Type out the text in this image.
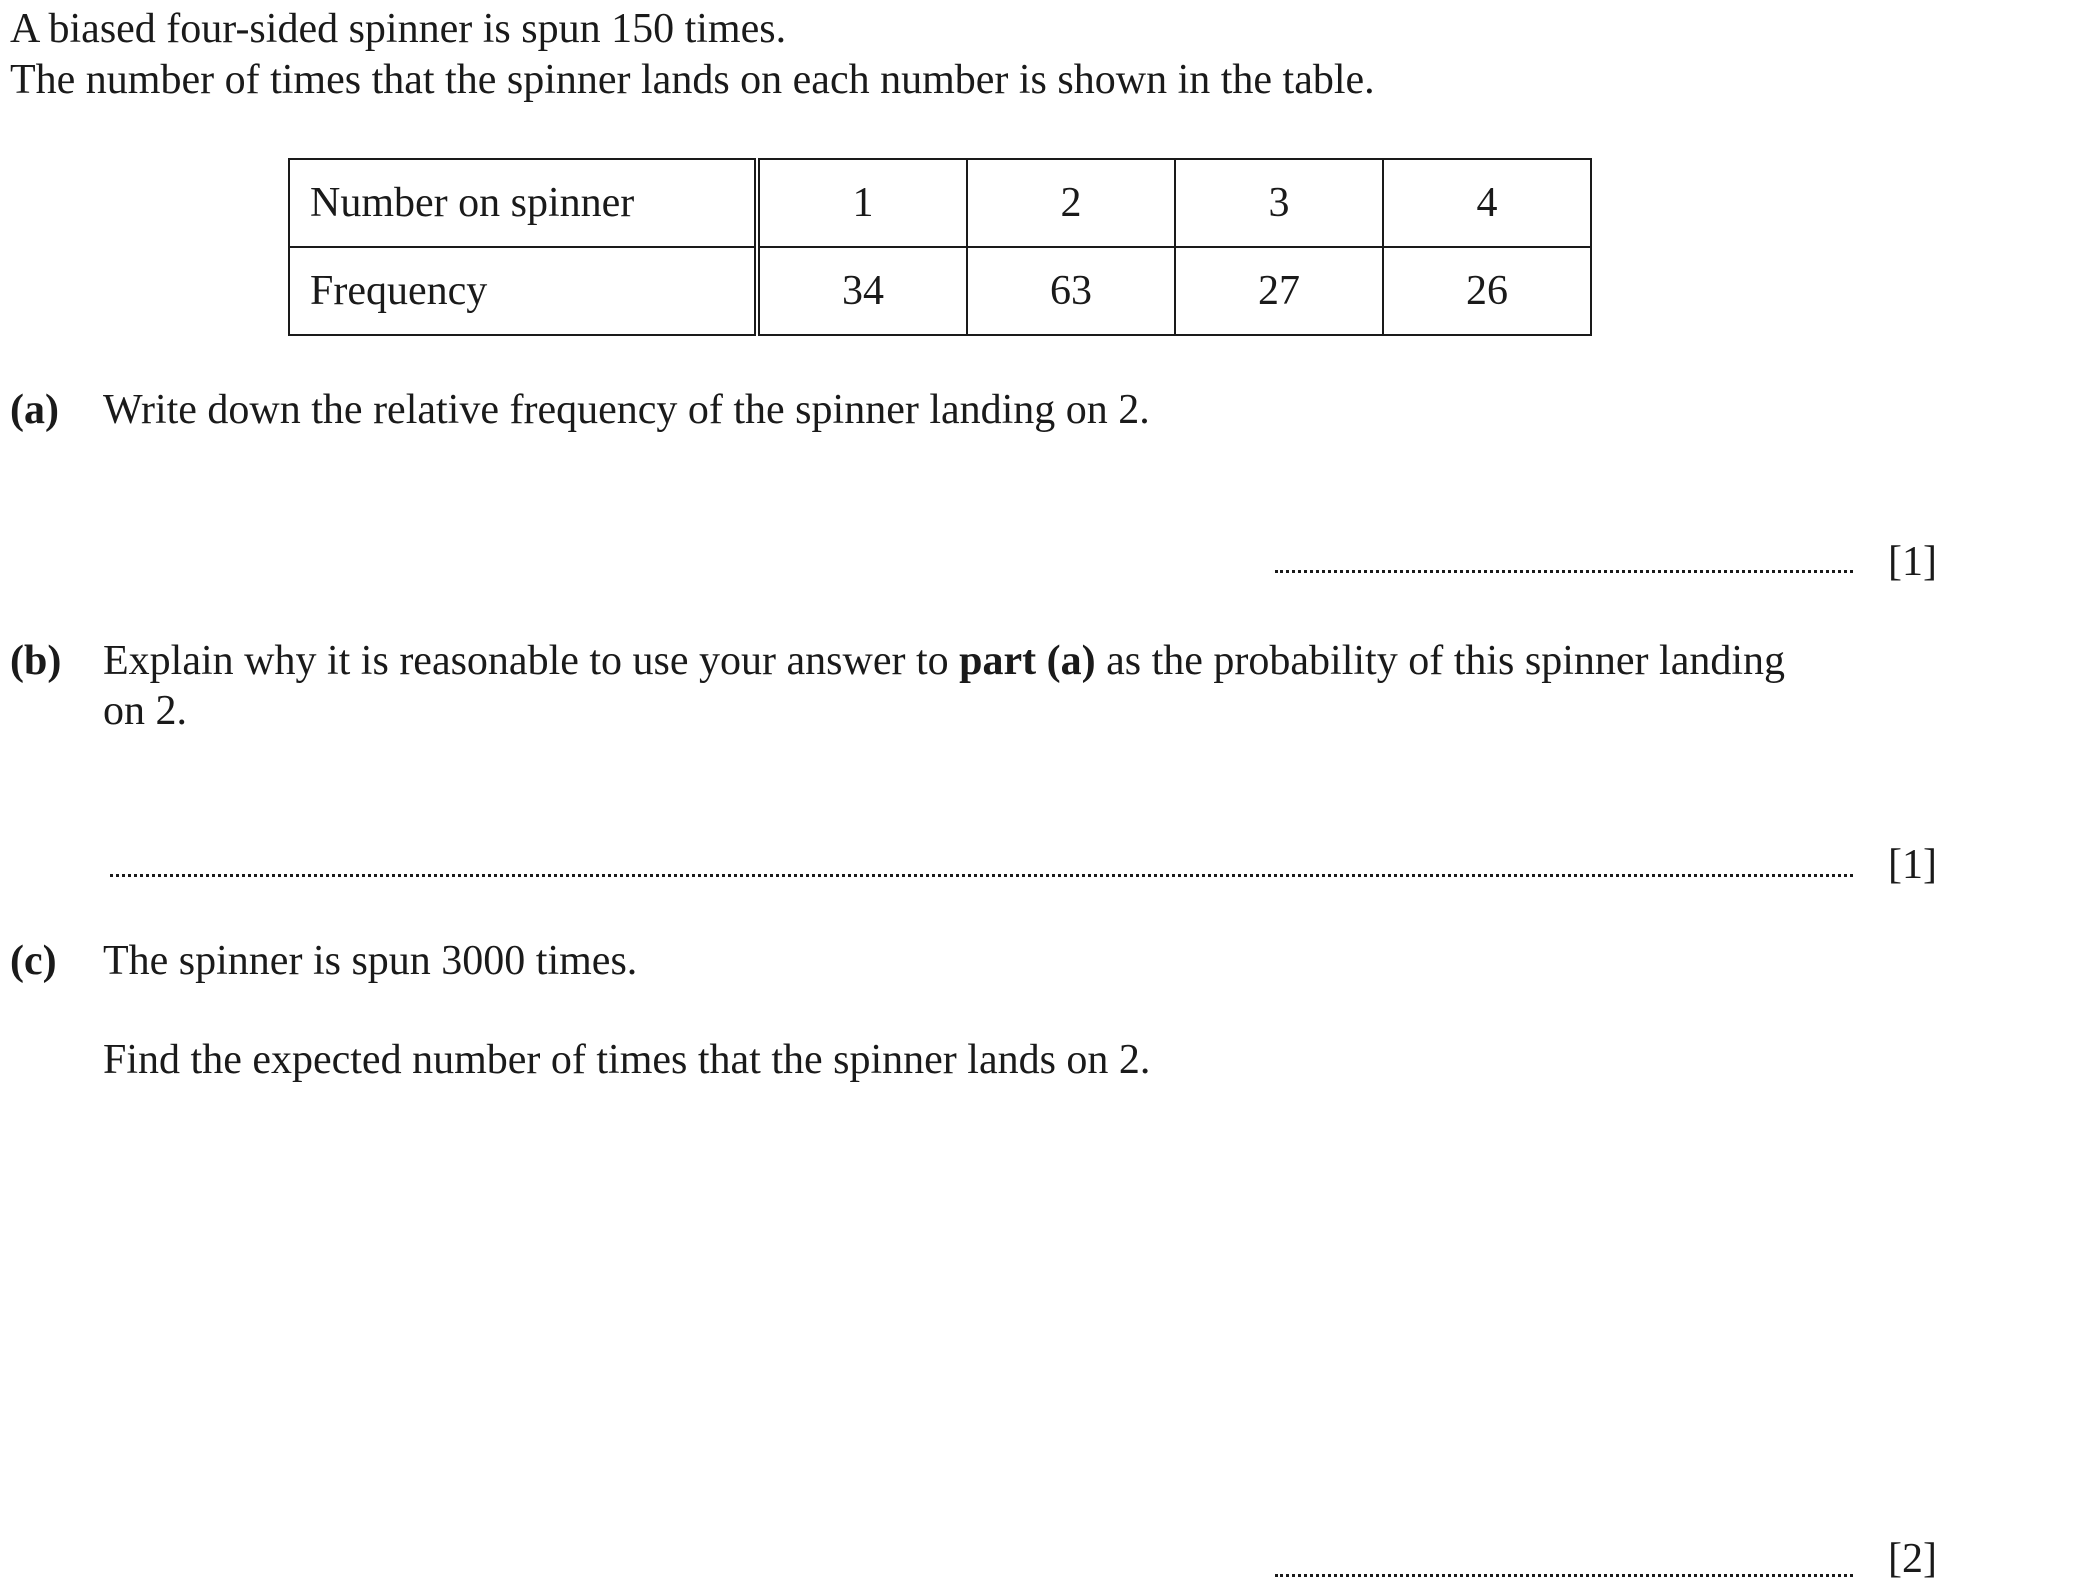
A biased four-sided spinner is spun 150 times.
The number of times that the spinner lands on each number is shown in the table.
Number on spinner	1	2	3	4
Frequency	34	63	27	26
(a) Write down the relative frequency of the spinner landing on 2.
[1]
(b) Explain why it is reasonable to use your answer to part (a) as the probability of this spinner landing
on 2.
[1]
(c) The spinner is spun 3000 times.
Find the expected number of times that the spinner lands on 2.
[2]
